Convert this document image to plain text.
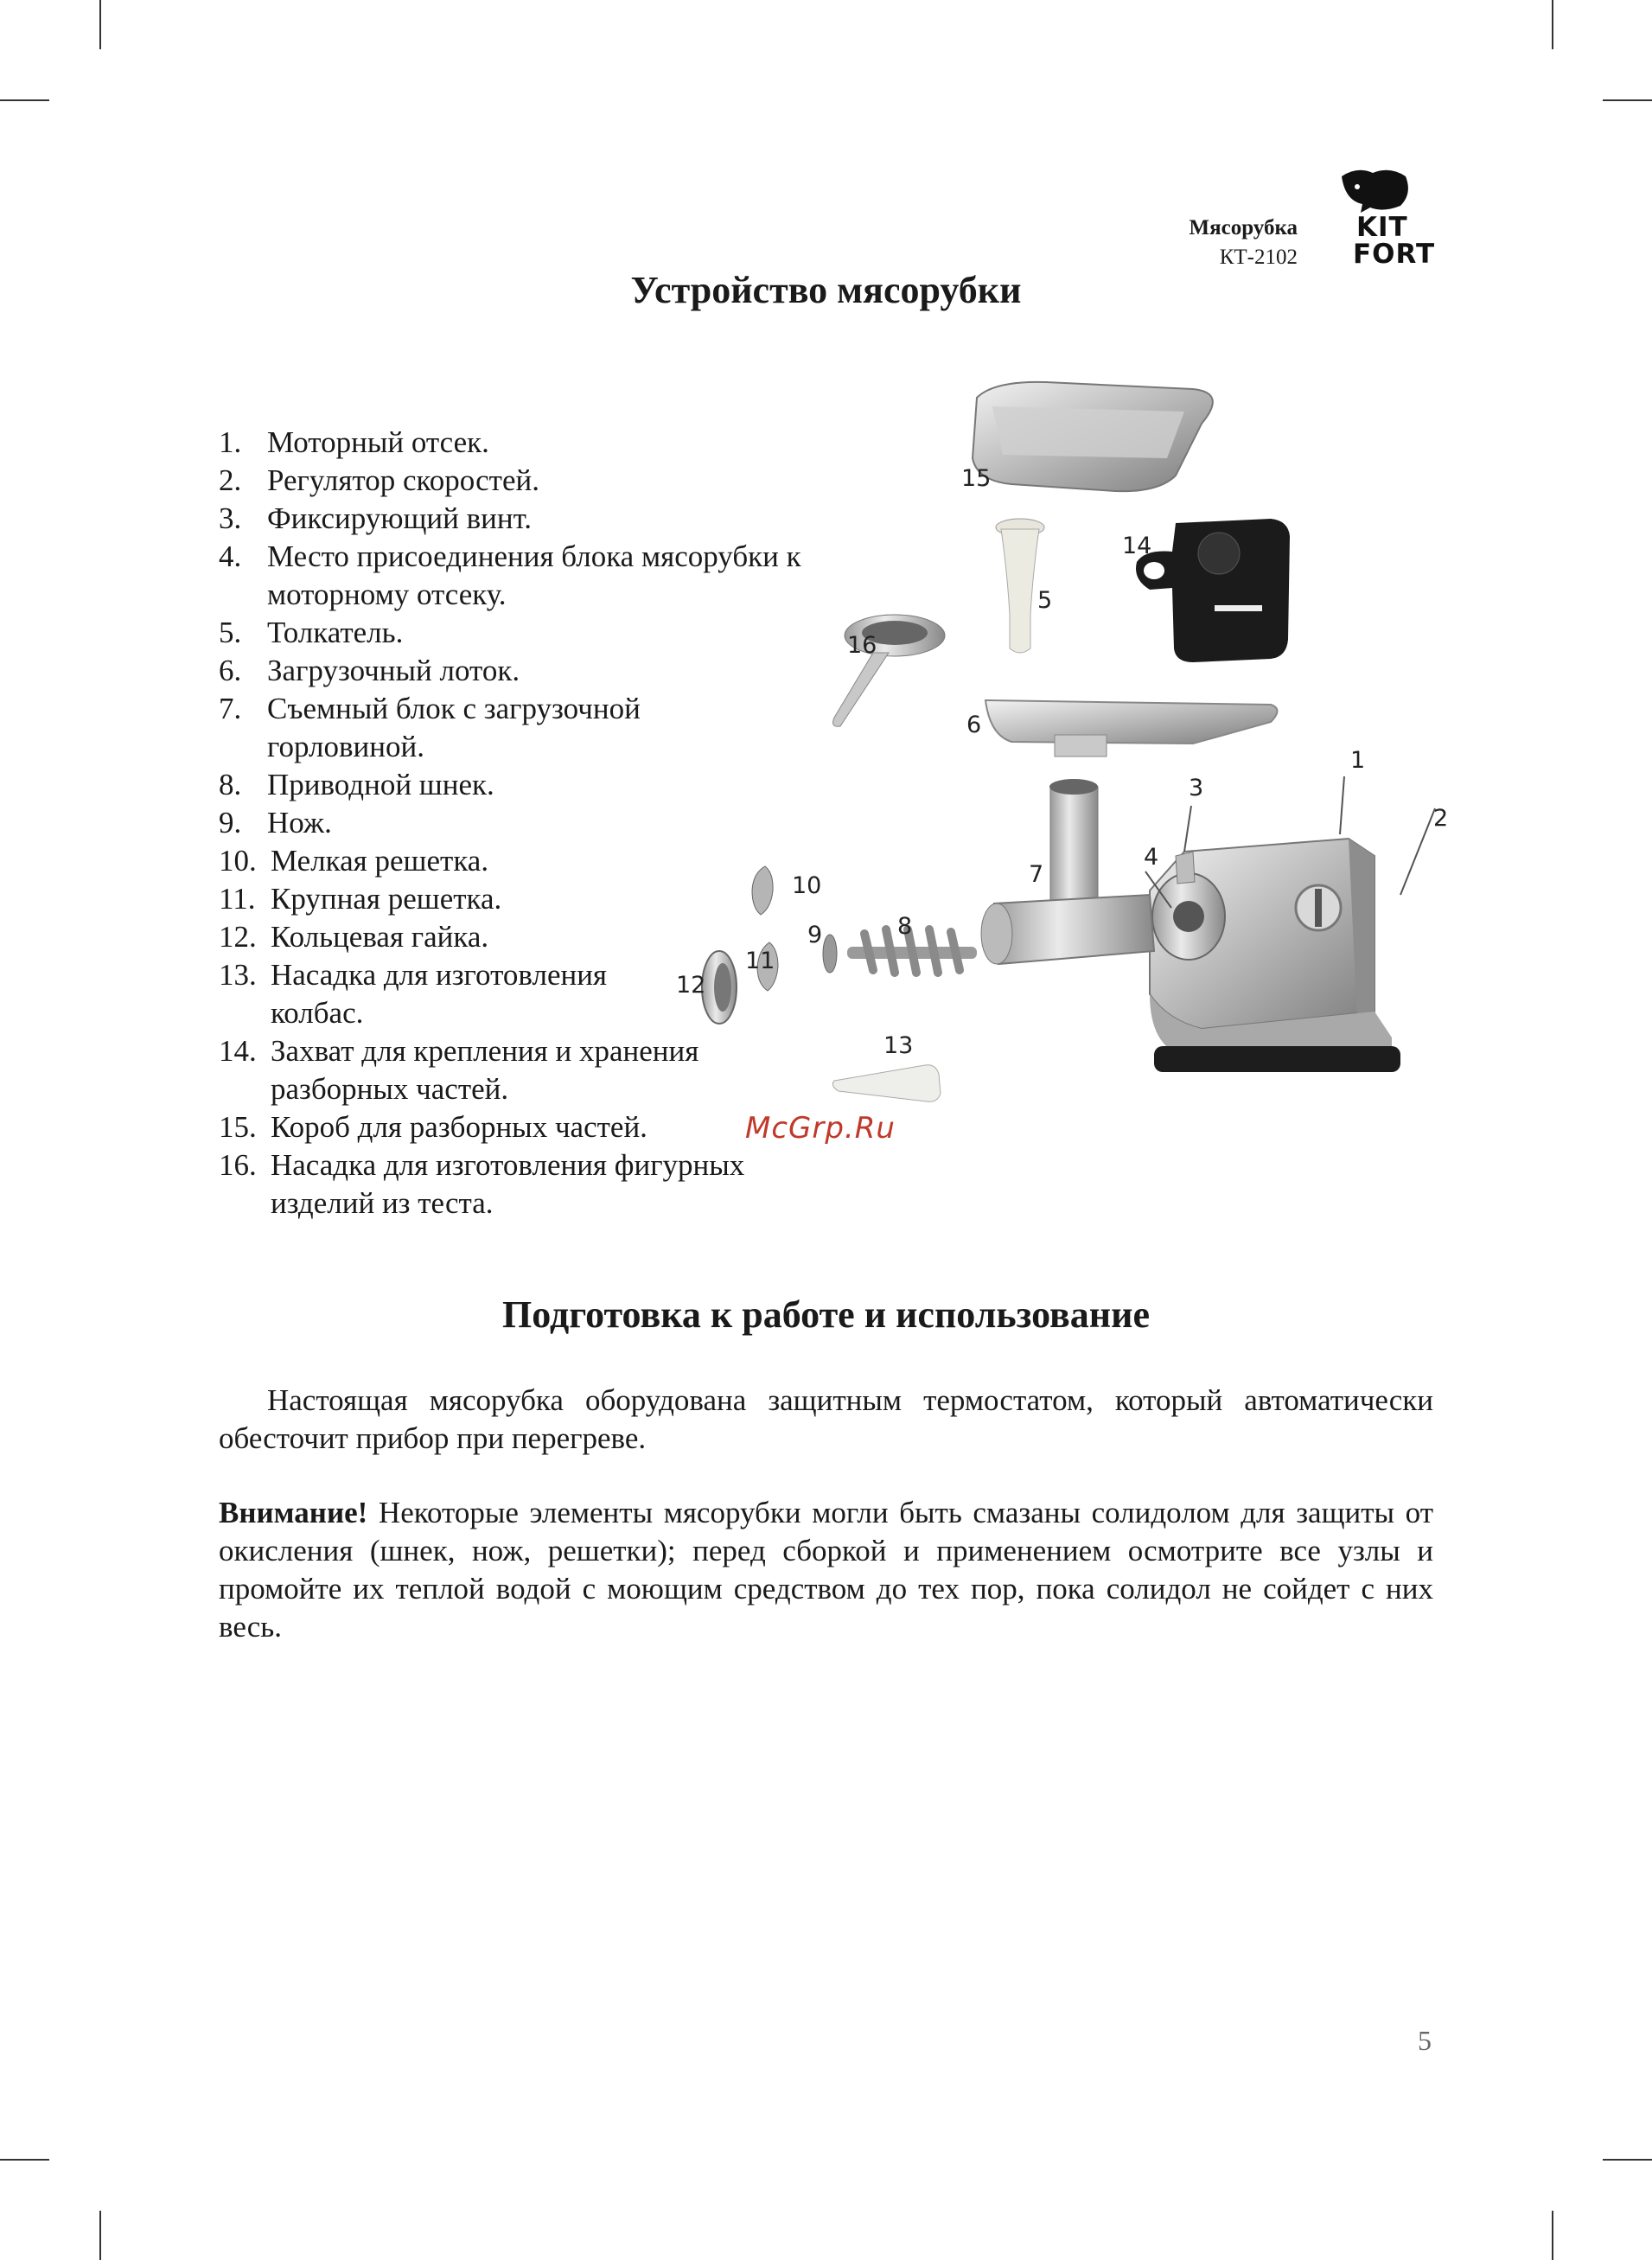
Мясорубка
КТ-2102
KIT
FORT
Устройство мясорубки
1. Моторный отсек.
2. Регулятор скоростей.
3. Фиксирующий винт.
4. Место присоединения блока мясорубки к моторному отсеку.
5. Толкатель.
6. Загрузочный лоток.
7. Съемный блок с загрузочной горловиной.
8. Приводной шнек.
9. Нож.
10. Мелкая решетка.
11. Крупная решетка.
12. Кольцевая гайка.
13. Насадка для изготовления колбас.
14. Захват для крепления и хранения разборных частей.
15. Короб для разборных частей.
16. Насадка для изготовления фигурных изделий из теста.
1
2
3
4
5
6
7
8
9
10
11
12
13
14
15
16
McGrp.Ru
Подготовка к работе и использование

Настоящая мясорубка оборудована защитным термостатом, который автоматически обесточит прибор при перегреве.

Внимание! Некоторые элементы мясорубки могли быть смазаны солидолом для защиты от окисления (шнек, нож, решетки); перед сборкой и применением осмотрите все узлы и промойте их теплой водой с моющим средством до тех пор, пока солидол не сойдет с них весь.

5
